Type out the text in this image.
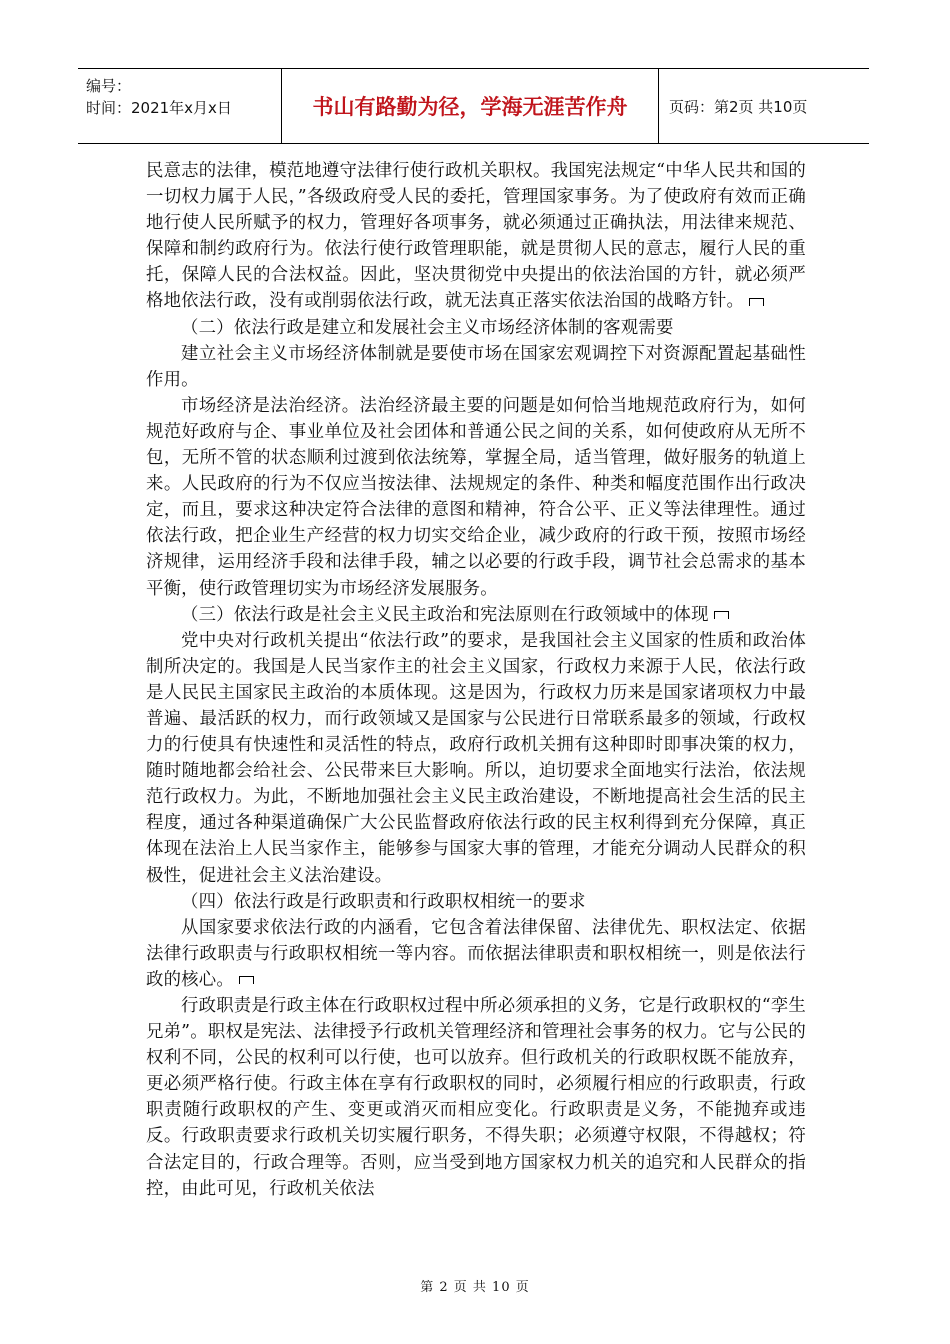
编号：
时间：2021年x月x日	书山有路勤为径，学海无涯苦作舟	页码：第2页 共10页

民意志的法律，模范地遵守法律行使行政机关职权。我国宪法规定“中华人民共和国的一切权力属于人民，”各级政府受人民的委托，管理国家事务。为了使政府有效而正确地行使人民所赋予的权力，管理好各项事务，就必须通过正确执法，用法律来规范、保障和制约政府行为。依法行使行政管理职能，就是贯彻人民的意志，履行人民的重托，保障人民的合法权益。因此，坚决贯彻党中央提出的依法治国的方针，就必须严格地依法行政，没有或削弱依法行政，就无法真正落实依法治国的战略方针。

（二）依法行政是建立和发展社会主义市场经济体制的客观需要

建立社会主义市场经济体制就是要使市场在国家宏观调控下对资源配置起基础性作用。

市场经济是法治经济。法治经济最主要的问题是如何恰当地规范政府行为，如何规范好政府与企、事业单位及社会团体和普通公民之间的关系，如何使政府从无所不包，无所不管的状态顺利过渡到依法统筹，掌握全局，适当管理，做好服务的轨道上来。人民政府的行为不仅应当按法律、法规规定的条件、种类和幅度范围作出行政决定，而且，要求这种决定符合法律的意图和精神，符合公平、正义等法律理性。通过依法行政，把企业生产经营的权力切实交给企业，减少政府的行政干预，按照市场经济规律，运用经济手段和法律手段，辅之以必要的行政手段，调节社会总需求的基本平衡，使行政管理切实为市场经济发展服务。

（三）依法行政是社会主义民主政治和宪法原则在行政领域中的体现

党中央对行政机关提出“依法行政”的要求，是我国社会主义国家的性质和政治体制所决定的。我国是人民当家作主的社会主义国家，行政权力来源于人民，依法行政是人民民主国家民主政治的本质体现。这是因为，行政权力历来是国家诸项权力中最普遍、最活跃的权力，而行政领域又是国家与公民进行日常联系最多的领域，行政权力的行使具有快速性和灵活性的特点，政府行政机关拥有这种即时即事决策的权力，随时随地都会给社会、公民带来巨大影响。所以，迫切要求全面地实行法治，依法规范行政权力。为此，不断地加强社会主义民主政治建设，不断地提高社会生活的民主程度，通过各种渠道确保广大公民监督政府依法行政的民主权利得到充分保障，真正体现在法治上人民当家作主，能够参与国家大事的管理，才能充分调动人民群众的积极性，促进社会主义法治建设。

（四）依法行政是行政职责和行政职权相统一的要求

从国家要求依法行政的内涵看，它包含着法律保留、法律优先、职权法定、依据法律行政职责与行政职权相统一等内容。而依据法律职责和职权相统一，则是依法行政的核心。

行政职责是行政主体在行政职权过程中所必须承担的义务，它是行政职权的“孪生兄弟”。职权是宪法、法律授予行政机关管理经济和管理社会事务的权力。它与公民的权利不同，公民的权利可以行使，也可以放弃。但行政机关的行政职权既不能放弃，更必须严格行使。行政主体在享有行政职权的同时，必须履行相应的行政职责，行政职责随行政职权的产生、变更或消灭而相应变化。行政职责是义务，不能抛弃或违反。行政职责要求行政机关切实履行职务，不得失职；必须遵守权限，不得越权；符合法定目的，行政合理等。否则，应当受到地方国家权力机关的追究和人民群众的指控，由此可见，行政机关依法

第 2 页 共 10 页
